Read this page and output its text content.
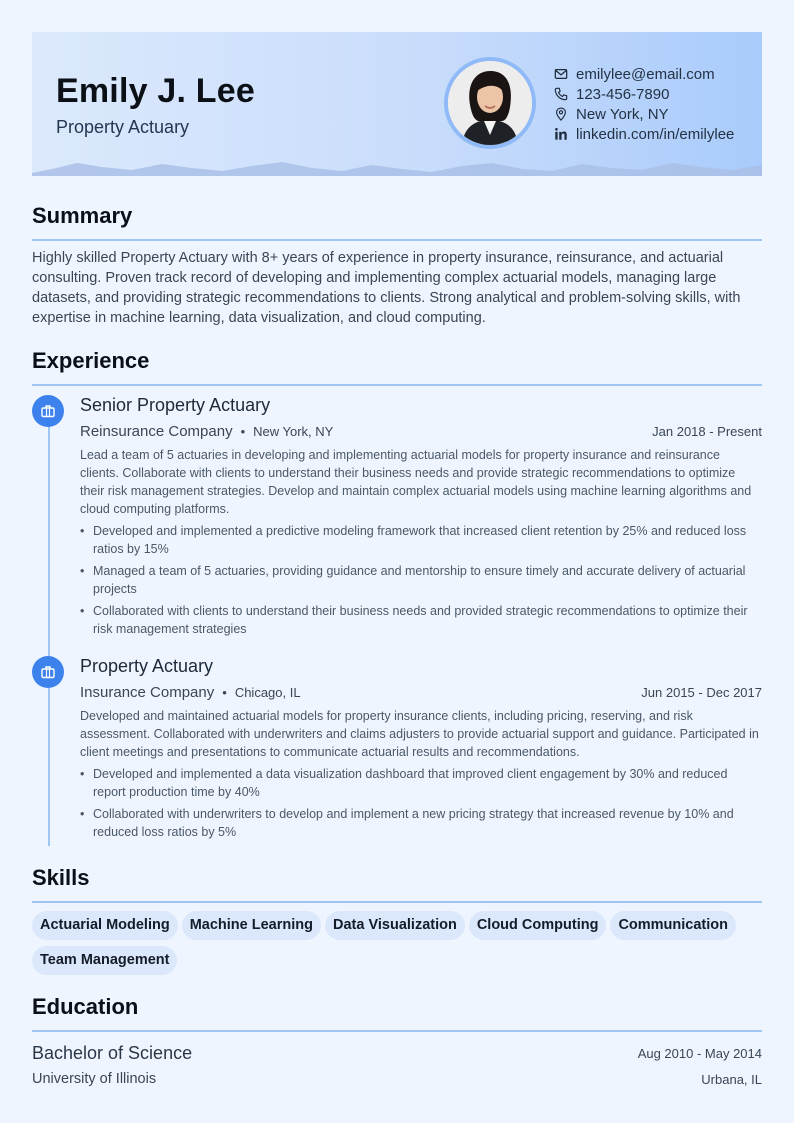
Emily J. Lee
Property Actuary
emilylee@email.com
123-456-7890
New York, NY
linkedin.com/in/emilylee
Summary
Highly skilled Property Actuary with 8+ years of experience in property insurance, reinsurance, and actuarial consulting. Proven track record of developing and implementing complex actuarial models, managing large datasets, and providing strategic recommendations to clients. Strong analytical and problem-solving skills, with expertise in machine learning, data visualization, and cloud computing.
Experience
Senior Property Actuary
Reinsurance Company • New York, NY	Jan 2018 - Present
Lead a team of 5 actuaries in developing and implementing actuarial models for property insurance and reinsurance clients. Collaborate with clients to understand their business needs and provide strategic recommendations to optimize their risk management strategies. Develop and maintain complex actuarial models using machine learning algorithms and cloud computing platforms.
• Developed and implemented a predictive modeling framework that increased client retention by 25% and reduced loss ratios by 15%
• Managed a team of 5 actuaries, providing guidance and mentorship to ensure timely and accurate delivery of actuarial projects
• Collaborated with clients to understand their business needs and provided strategic recommendations to optimize their risk management strategies
Property Actuary
Insurance Company • Chicago, IL	Jun 2015 - Dec 2017
Developed and maintained actuarial models for property insurance clients, including pricing, reserving, and risk assessment. Collaborated with underwriters and claims adjusters to provide actuarial support and guidance. Participated in client meetings and presentations to communicate actuarial results and recommendations.
• Developed and implemented a data visualization dashboard that improved client engagement by 30% and reduced report production time by 40%
• Collaborated with underwriters to develop and implement a new pricing strategy that increased revenue by 10% and reduced loss ratios by 5%
Skills
Actuarial Modeling Machine Learning Data Visualization Cloud Computing Communication
Team Management
Education
Bachelor of Science	Aug 2010 - May 2014
University of Illinois	Urbana, IL
